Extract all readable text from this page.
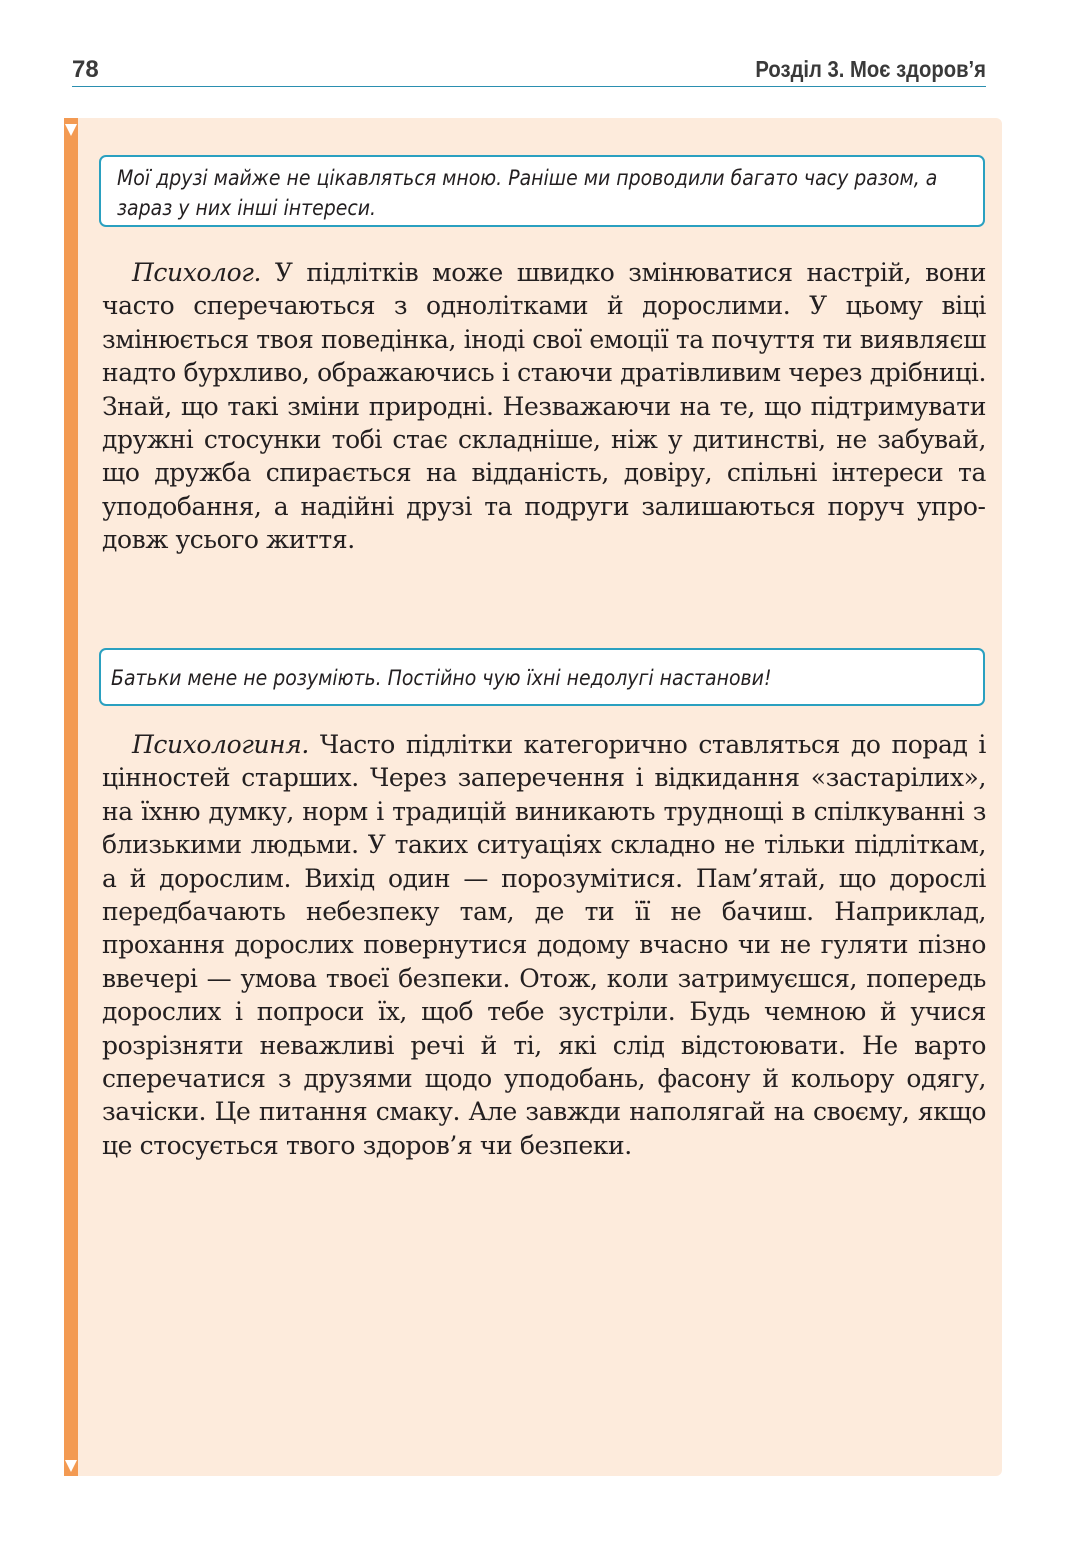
78	Розділ 3. Моє здоров’я
Мої друзі майже не цікавляться мною. Раніше ми проводили багато часу разом, а зараз у них інші інтереси.

Психолог. У підлітків може швидко змінюватися настрій, вони часто сперечаються з однолітками й дорослими. У цьому віці змінюється твоя поведінка, іноді свої емоції та почуття ти виявляєш надто бурхливо, ображаючись і стаючи дратівливим через дрібниці. Знай, що такі зміни природні. Незважаючи на те, що підтримувати дружні стосунки тобі стає складніше, ніж у дитинстві, не забувай, що дружба спирається на відданість, довіру, спільні інтереси та уподобання, а надійні друзі та подруги залишаються поруч упродовж усього життя.

Батьки мене не розуміють. Постійно чую їхні недолугі настанови!

Психологиня. Часто підлітки категорично ставляться до порад і цінностей старших. Через заперечення і відкидання «застарілих», на їхню думку, норм і традицій виникають труднощі в спілкуванні з близькими людьми. У таких ситуаціях складно не тільки підліткам, а й дорослим. Вихід один — порозумітися. Пам’ятай, що дорослі передбачають небезпеку там, де ти її не бачиш. Наприклад, прохання дорослих повернутися додому вчасно чи не гуляти пізно ввечері — умова твоєї безпеки. Отож, коли затримуєшся, попередь дорослих і попроси їх, щоб тебе зустріли. Будь чемною й учися розрізняти неважливі речі й ті, які слід відстоювати. Не варто сперечатися з друзями щодо уподобань, фасону й кольору одягу, зачіски. Це питання смаку. Але завжди наполягай на своєму, якщо це стосується твого здоров’я чи безпеки.
